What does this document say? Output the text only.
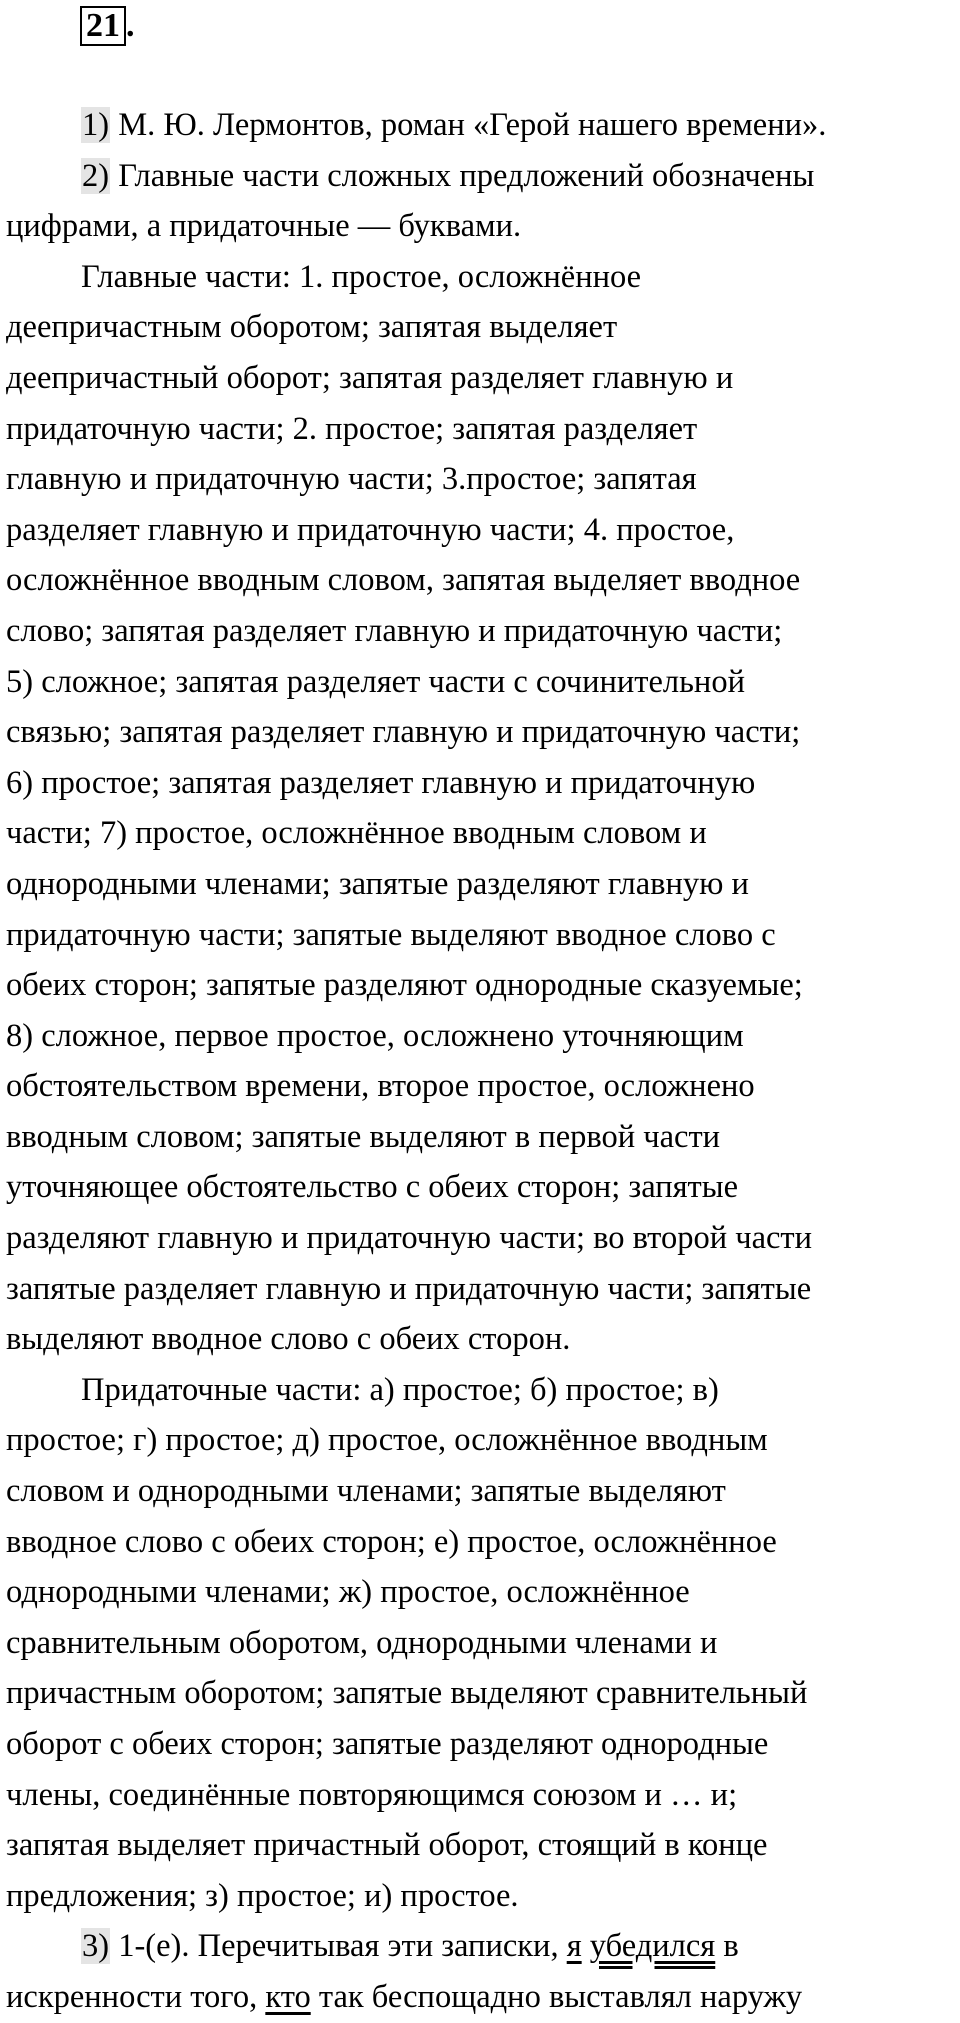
21 .
1) М. Ю. Лермонтов, роман «Герой нашего времени».
2) Главные части сложных предложений обозначены
цифрами, а придаточные — буквами.
Главные части: 1. простое, осложнённое
деепричастным оборотом; запятая выделяет
деепричастный оборот; запятая разделяет главную и
придаточную части; 2. простое; запятая разделяет
главную и придаточную части; 3.простое; запятая
разделяет главную и придаточную части; 4. простое,
осложнённое вводным словом, запятая выделяет вводное
слово; запятая разделяет главную и придаточную части;
5) сложное; запятая разделяет части с сочинительной
связью; запятая разделяет главную и придаточную части;
6) простое; запятая разделяет главную и придаточную
части; 7) простое, осложнённое вводным словом и
однородными членами; запятые разделяют главную и
придаточную части; запятые выделяют вводное слово с
обеих сторон; запятые разделяют однородные сказуемые;
8) сложное, первое простое, осложнено уточняющим
обстоятельством времени, второе простое, осложнено
вводным словом; запятые выделяют в первой части
уточняющее обстоятельство с обеих сторон; запятые
разделяют главную и придаточную части; во второй части
запятые разделяет главную и придаточную части; запятые
выделяют вводное слово с обеих сторон.
Придаточные части: а) простое; б) простое; в)
простое; г) простое; д) простое, осложнённое вводным
словом и однородными членами; запятые выделяют
вводное слово с обеих сторон; е) простое, осложнённое
однородными членами; ж) простое, осложнённое
сравнительным оборотом, однородными членами и
причастным оборотом; запятые выделяют сравнительный
оборот с обеих сторон; запятые разделяют однородные
члены, соединённые повторяющимся союзом и … и;
запятая выделяет причастный оборот, стоящий в конце
предложения; з) простое; и) простое.
3) 1-(е). Перечитывая эти записки, я убедился в
искренности того, кто так беспощадно выставлял наружу
